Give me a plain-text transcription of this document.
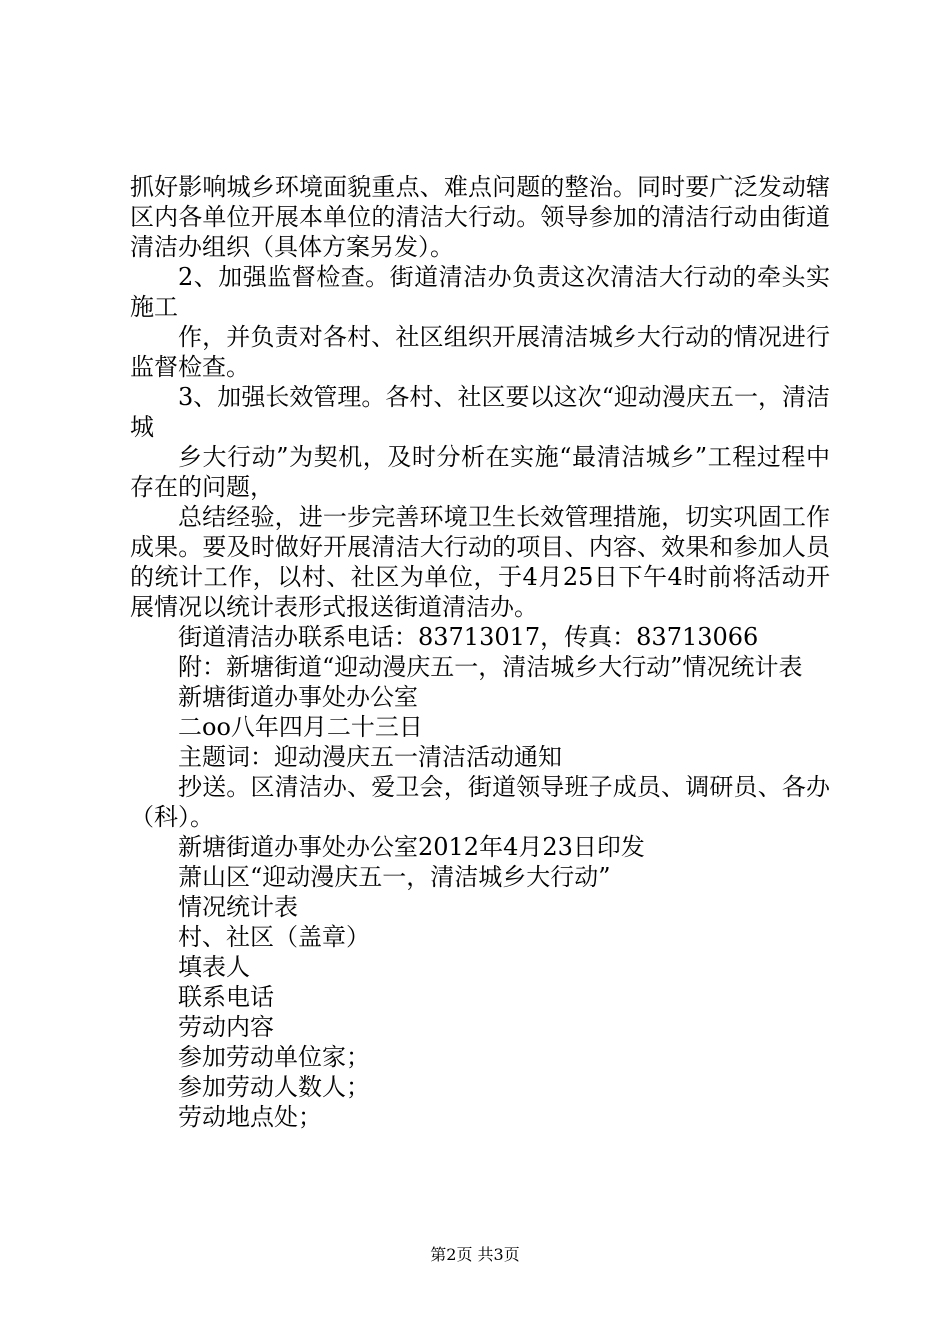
抓好影响城乡环境面貌重点、难点问题的整治。同时要广泛发动辖区内各单位开展本单位的清洁大行动。领导参加的清洁行动由街道清洁办组织（具体方案另发）。

2、加强监督检查。街道清洁办负责这次清洁大行动的牵头实施工

作，并负责对各村、社区组织开展清洁城乡大行动的情况进行监督检查。

3、加强长效管理。各村、社区要以这次“迎动漫庆五一，清洁城

乡大行动”为契机，及时分析在实施“最清洁城乡”工程过程中存在的问题，

总结经验，进一步完善环境卫生长效管理措施，切实巩固工作成果。要及时做好开展清洁大行动的项目、内容、效果和参加人员的统计工作，以村、社区为单位，于4月25日下午4时前将活动开展情况以统计表形式报送街道清洁办。

街道清洁办联系电话：83713017，传真：83713066

附：新塘街道“迎动漫庆五一，清洁城乡大行动”情况统计表

新塘街道办事处办公室

二oo八年四月二十三日

主题词：迎动漫庆五一清洁活动通知

抄送。区清洁办、爱卫会，街道领导班子成员、调研员、各办（科）。

新塘街道办事处办公室2012年4月23日印发

萧山区“迎动漫庆五一，清洁城乡大行动”

情况统计表

村、社区（盖章）

填表人

联系电话

劳动内容

参加劳动单位家；

参加劳动人数人；

劳动地点处；

第2页 共3页
